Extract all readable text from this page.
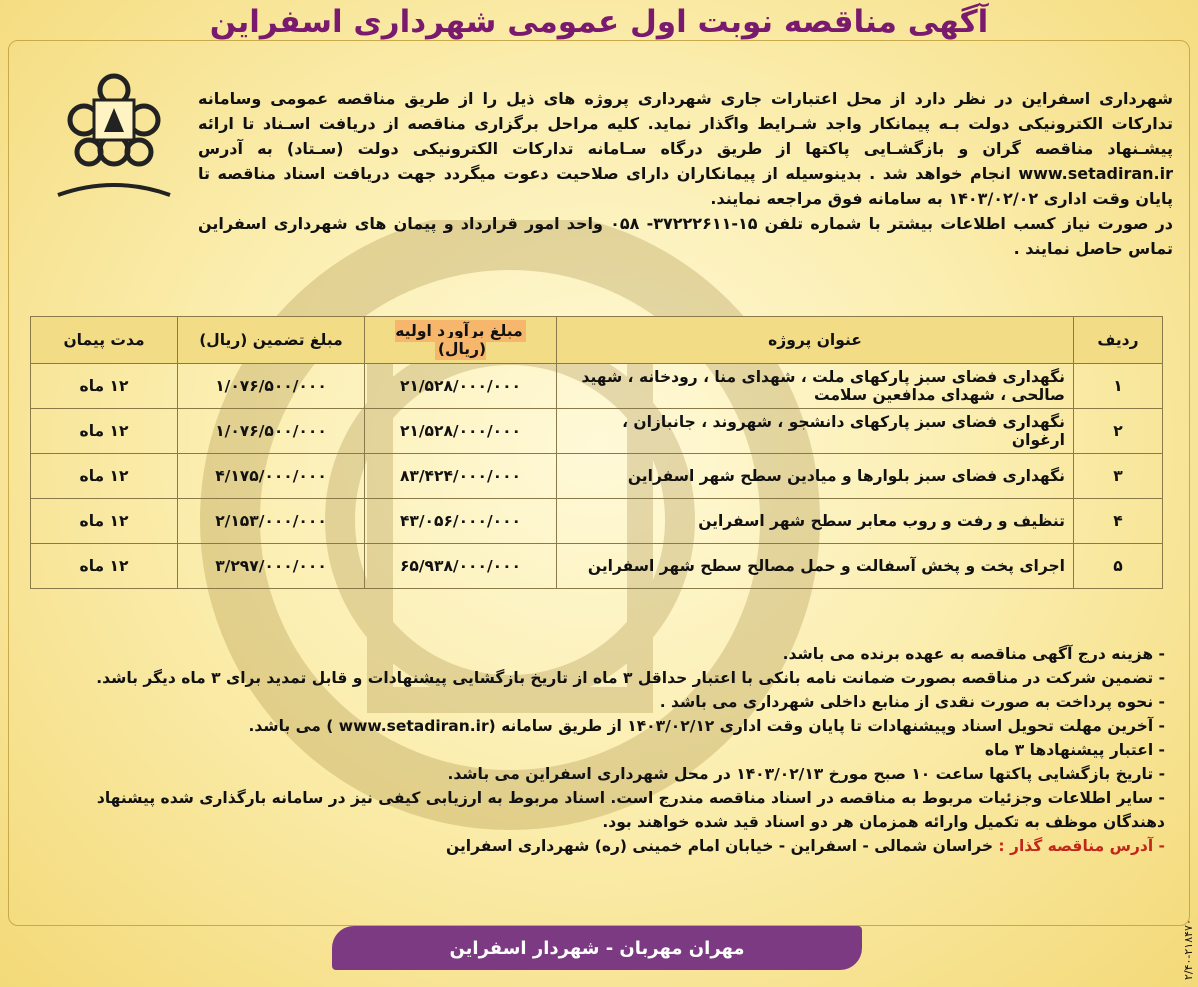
آگهی مناقصه نوبت اول عمومی شهرداری اسفراین

شهرداری اسفراین در نظر دارد از محل اعتبارات جاری شهرداری پروژه های ذیل را از طریق مناقصه عمومی وسامانه تدارکات الکترونیکی دولت بـه پیمانکار واجد شـرایط واگذار نماید. کلیه مراحل برگزاری مناقصه از دریافت اسـناد تا ارائه پیشـنهاد مناقصه گران و بازگشـایی پاکتها از طریق درگاه سـامانه تدارکات الکترونیکی دولت (سـتاد) به آدرس www.setadiran.ir انجام خواهد شد . بدینوسیله از پیمانکاران دارای صلاحیت دعوت میگردد جهت دریافت اسناد مناقصه تا پایان وقت اداری ۱۴۰۳/۰۲/۰۲ به سامانه فوق مراجعه نمایند.

در صورت نیاز کسب اطلاعات بیشتر با شماره تلفن ۱۵-۳۷۲۲۲۶۱۱- ۰۵۸ واحد امور قرارداد و پیمان های شهرداری اسفراین تماس حاصل نمایند .

ردیف	عنوان پروژه	مبلغ برآورد اولیه (ریال)	مبلغ تضمین (ریال)	مدت پیمان
۱	نگهداری فضای سبز پارکهای ملت ، شهدای منا ، رودخانه ، شهید صالحی ، شهدای مدافعین سلامت	۲۱/۵۲۸/۰۰۰/۰۰۰	۱/۰۷۶/۵۰۰/۰۰۰	۱۲ ماه
۲	نگهداری فضای سبز پارکهای دانشجو ، شهروند ، جانبازان ، ارغوان	۲۱/۵۲۸/۰۰۰/۰۰۰	۱/۰۷۶/۵۰۰/۰۰۰	۱۲ ماه
۳	نگهداری فضای سبز بلوارها و میادین سطح شهر اسفراین	۸۳/۴۲۴/۰۰۰/۰۰۰	۴/۱۷۵/۰۰۰/۰۰۰	۱۲ ماه
۴	تنظیف و رفت و روب معابر سطح شهر اسفراین	۴۳/۰۵۶/۰۰۰/۰۰۰	۲/۱۵۳/۰۰۰/۰۰۰	۱۲ ماه
۵	اجرای پخت و پخش آسفالت و حمل مصالح سطح شهر اسفراین	۶۵/۹۳۸/۰۰۰/۰۰۰	۳/۲۹۷/۰۰۰/۰۰۰	۱۲ ماه

- هزینه درج آگهی مناقصه به عهده برنده می باشد.

- تضمین شرکت در مناقصه بصورت ضمانت نامه بانکی با اعتبار حداقل ۳ ماه از تاریخ بازگشایی پیشنهادات و قابل تمدید برای ۳ ماه دیگر باشد.

- نحوه پرداخت به صورت نقدی از منابع داخلی شهرداری می باشد .

- آخرین مهلت تحویل اسناد وپیشنهادات تا پایان وقت اداری ۱۴۰۳/۰۲/۱۲ از طریق سامانه (www.setadiran.ir ) می باشد.

- اعتبار پیشنهادها ۳ ماه

- تاریخ بازگشایی پاکتها ساعت ۱۰ صبح مورخ ۱۴۰۳/۰۲/۱۳ در محل شهرداری اسفراین می باشد.

- سایر اطلاعات وجزئیات مربوط به مناقصه در اسناد مناقصه مندرج است. اسناد مربوط به ارزیابی کیفی نیز در سامانه بارگذاری شده پیشنهاد دهندگان موظف به تکمیل وارائه همزمان هر دو اسناد قید شده خواهند بود.

- آدرس مناقصه گذار : خراسان شمالی - اسفراین - خیابان امام خمینی (ره) شهرداری اسفراین

مهران مهربان - شهردار اسفراین	۲/۴۰-۲۱۸۴۷۰
